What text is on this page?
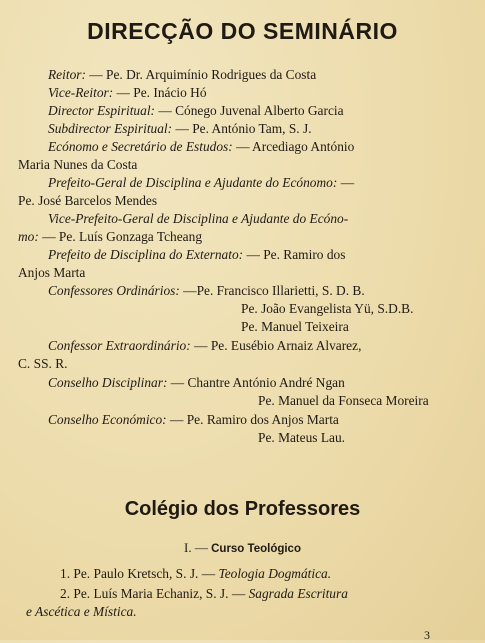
DIRECÇÃO DO SEMINÁRIO
Reitor: — Pe. Dr. Arquimínio Rodrigues da Costa
Vice-Reitor: — Pe. Inácio Hó
Director Espiritual: — Cónego Juvenal Alberto Garcia
Subdirector Espiritual: — Pe. António Tam, S. J.
Ecónomo e Secretário de Estudos: — Arcediago António
Maria Nunes da Costa
Prefeito-Geral de Disciplina e Ajudante do Ecónomo: —
Pe. José Barcelos Mendes
Vice-Prefeito-Geral de Disciplina e Ajudante do Ecóno-
mo: — Pe. Luís Gonzaga Tcheang
Prefeito de Disciplina do Externato: — Pe. Ramiro dos
Anjos Marta
Confessores Ordinários: —Pe. Francisco Illarietti, S. D. B.
Pe. João Evangelista Yü, S.D.B.
Pe. Manuel Teixeira
Confessor Extraordinário: — Pe. Eusébio Arnaiz Alvarez,
C. SS. R.
Conselho Disciplinar: — Chantre António André Ngan
Pe. Manuel da Fonseca Moreira
Conselho Económico: — Pe. Ramiro dos Anjos Marta
Pe. Mateus Lau.
Colégio dos Professores
I. — Curso Teológico
1. Pe. Paulo Kretsch, S. J. — Teologia Dogmática.
2. Pe. Luís Maria Echaniz, S. J. — Sagrada Escritura
e Ascética e Mística.
3
